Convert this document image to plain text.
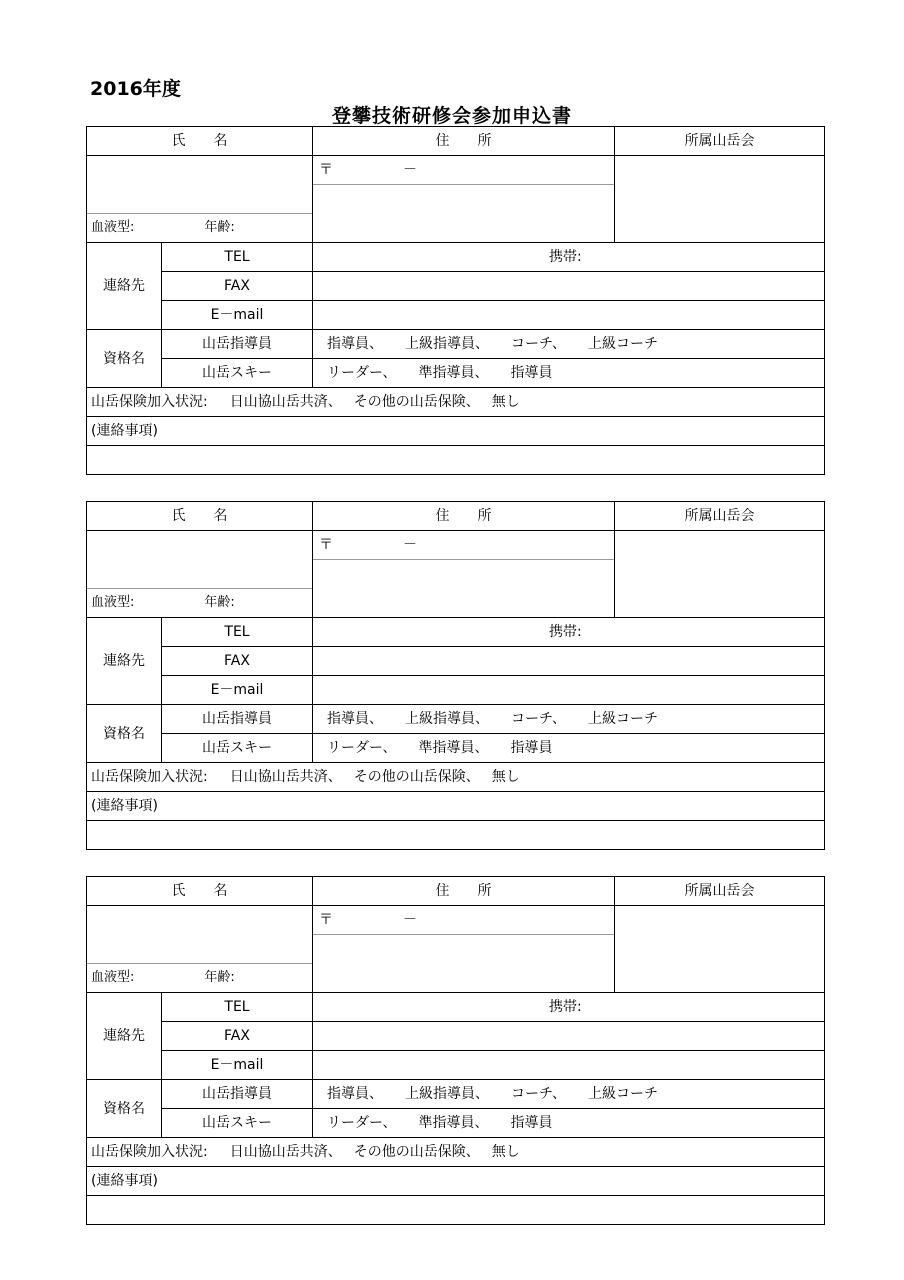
2016年度
登攀技術研修会参加申込書
氏　　名		住　　所	所属山岳会

血液型: 年齢:		〒 －	

連絡先	TEL	携帯:	
	FAX		
	E－mail		
資格名	山岳指導員	指導員、 上級指導員、 コーチ、 上級コーチ	
	山岳スキー	リーダー、 準指導員、 指導員	
山岳保険加入状況: 日山協山岳共済、 その他の山岳保険、 無し			
(連絡事項)			

氏　　名		住　　所	所属山岳会

血液型: 年齢:		〒 －	

連絡先	TEL	携帯:	
	FAX		
	E－mail		
資格名	山岳指導員	指導員、 上級指導員、 コーチ、 上級コーチ	
	山岳スキー	リーダー、 準指導員、 指導員	
山岳保険加入状況: 日山協山岳共済、 その他の山岳保険、 無し			
(連絡事項)			

氏　　名		住　　所	所属山岳会

血液型: 年齢:		〒 －	

連絡先	TEL	携帯:	
	FAX		
	E－mail		
資格名	山岳指導員	指導員、 上級指導員、 コーチ、 上級コーチ	
	山岳スキー	リーダー、 準指導員、 指導員	
山岳保険加入状況: 日山協山岳共済、 その他の山岳保険、 無し			
(連絡事項)			
